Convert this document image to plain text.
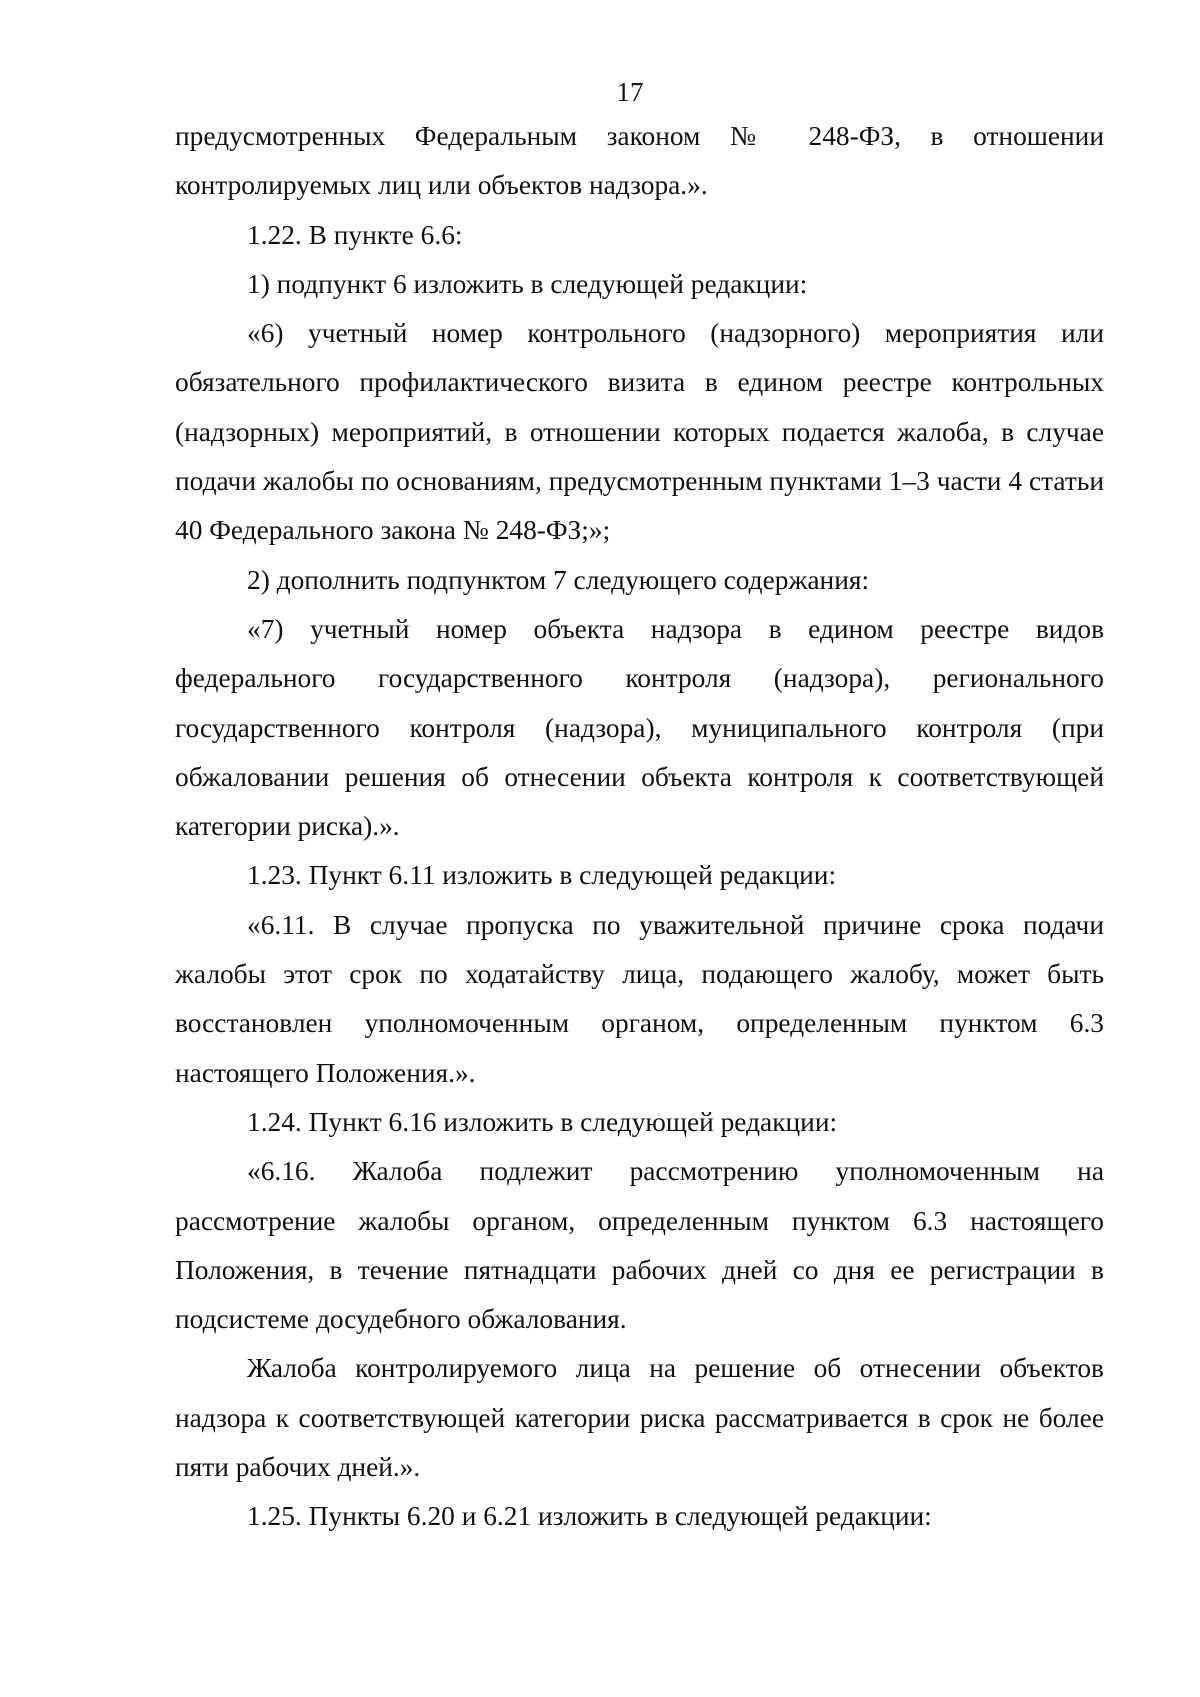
17

предусмотренных Федеральным законом № 248-ФЗ, в отношении контролируемых лиц или объектов надзора.».

1.22. В пункте 6.6:

1) подпункт 6 изложить в следующей редакции:

«6) учетный номер контрольного (надзорного) мероприятия или обязательного профилактического визита в едином реестре контрольных (надзорных) мероприятий, в отношении которых подается жалоба, в случае подачи жалобы по основаниям, предусмотренным пунктами 1–3 части 4 статьи 40 Федерального закона № 248-ФЗ;»;

2) дополнить подпунктом 7 следующего содержания:

«7) учетный номер объекта надзора в едином реестре видов федерального государственного контроля (надзора), регионального государственного контроля (надзора), муниципального контроля (при обжаловании решения об отнесении объекта контроля к соответствующей категории риска).».

1.23. Пункт 6.11 изложить в следующей редакции:

«6.11. В случае пропуска по уважительной причине срока подачи жалобы этот срок по ходатайству лица, подающего жалобу, может быть восстановлен уполномоченным органом, определенным пунктом 6.3 настоящего Положения.».

1.24. Пункт 6.16 изложить в следующей редакции:

«6.16. Жалоба подлежит рассмотрению уполномоченным на рассмотрение жалобы органом, определенным пунктом 6.3 настоящего Положения, в течение пятнадцати рабочих дней со дня ее регистрации в подсистеме досудебного обжалования.

Жалоба контролируемого лица на решение об отнесении объектов надзора к соответствующей категории риска рассматривается в срок не более пяти рабочих дней.».

1.25. Пункты 6.20 и 6.21 изложить в следующей редакции:
